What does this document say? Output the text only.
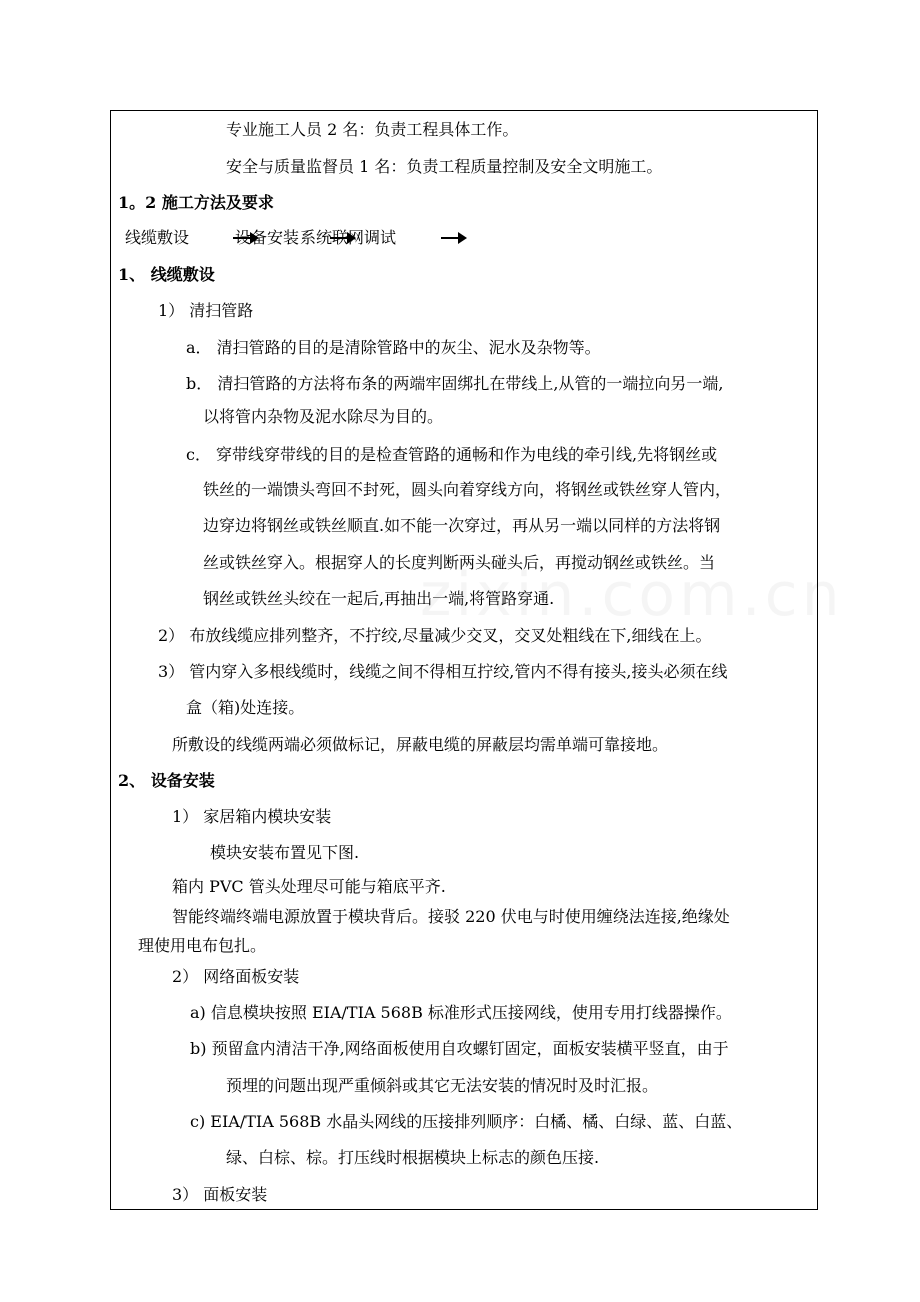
专业施工人员 2 名：负责工程具体工作。
安全与质量监督员 1 名：负责工程质量控制及安全文明施工。
1。2 施工方法及要求
线缆敷设	设备安装 系统联网调试
1、 线缆敷设
1） 清扫管路
a． 清扫管路的目的是清除管路中的灰尘、泥水及杂物等。
b． 清扫管路的方法将布条的两端牢固绑扎在带线上,从管的一端拉向另一端,
以将管内杂物及泥水除尽为目的。
c． 穿带线穿带线的目的是检查管路的通畅和作为电线的牵引线,先将钢丝或
铁丝的一端馈头弯回不封死，圆头向着穿线方向，将钢丝或铁丝穿人管内，
边穿边将钢丝或铁丝顺直.如不能一次穿过，再从另一端以同样的方法将钢
丝或铁丝穿入。根据穿人的长度判断两头碰头后，再搅动钢丝或铁丝。当
钢丝或铁丝头绞在一起后,再抽出一端,将管路穿通.
2） 布放线缆应排列整齐，不拧绞,尽量减少交叉，交叉处粗线在下,细线在上。
3） 管内穿入多根线缆时，线缆之间不得相互拧绞,管内不得有接头,接头必须在线
盒（箱)处连接。
所敷设的线缆两端必须做标记，屏蔽电缆的屏蔽层均需单端可靠接地。
2、 设备安装
1） 家居箱内模块安装
模块安装布置见下图.
箱内 PVC 管头处理尽可能与箱底平齐.
智能终端终端电源放置于模块背后。接驳 220 伏电与时使用缠绕法连接,绝缘处
理使用电布包扎。
2） 网络面板安装
a) 信息模块按照 EIA/TIA 568B 标准形式压接网线，使用专用打线器操作。
b) 预留盒内清洁干净,网络面板使用自攻螺钉固定，面板安装横平竖直，由于
预埋的问题出现严重倾斜或其它无法安装的情况时及时汇报。
c) EIA/TIA 568B 水晶头网线的压接排列顺序：白橘、橘、白绿、蓝、白蓝、
绿、白棕、棕。打压线时根据模块上标志的颜色压接.
3） 面板安装
